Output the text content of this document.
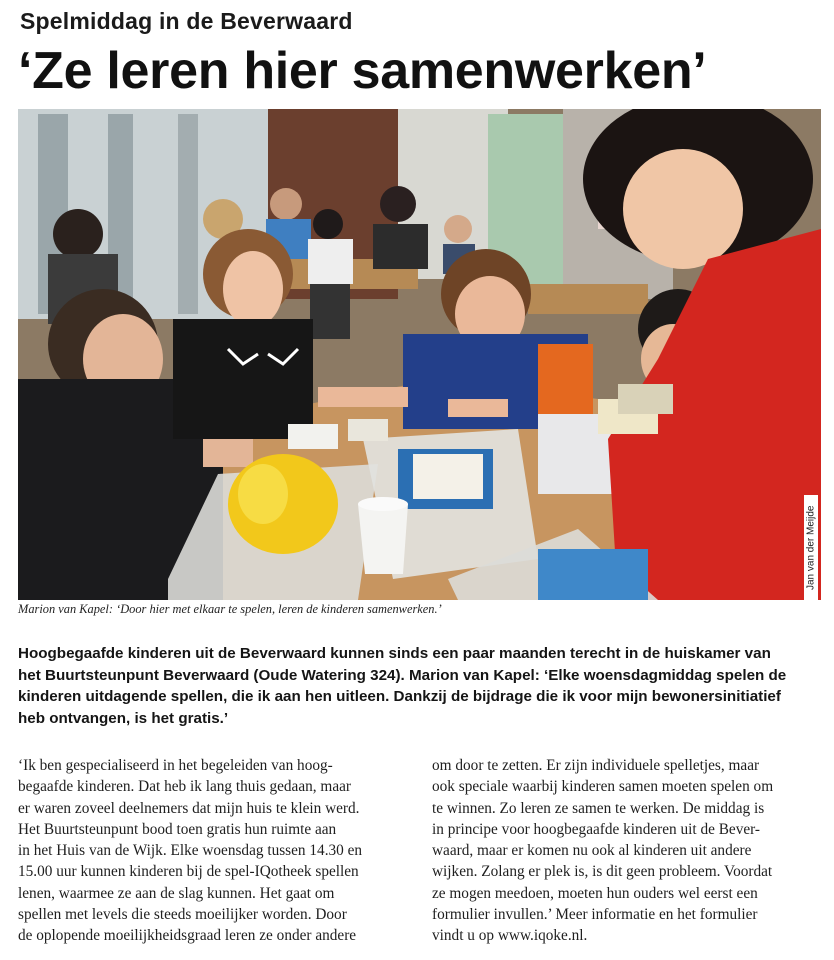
Spelmiddag in de Beverwaard
‘Ze leren hier samenwerken’
Jan van der Meijde
Marion van Kapel: ‘Door hier met elkaar te spelen, leren de kinderen samenwerken.’

Hoogbegaafde kinderen uit de Beverwaard kunnen sinds een paar maanden terecht in de huiskamer van
het Buurtsteunpunt Beverwaard (Oude Watering 324). Marion van Kapel: ‘Elke woensdagmiddag spelen de
kinderen uitdagende spellen, die ik aan hen uitleen. Dankzij de bijdrage die ik voor mijn bewonersinitiatief
heb ontvangen, is het gratis.’

‘Ik ben gespecialiseerd in het begeleiden van hoog-
begaafde kinderen. Dat heb ik lang thuis gedaan, maar
er waren zoveel deelnemers dat mijn huis te klein werd.
Het Buurtsteunpunt bood toen gratis hun ruimte aan
in het Huis van de Wijk. Elke woensdag tussen 14.30 en
15.00 uur kunnen kinderen bij de spel-IQotheek spellen
lenen, waarmee ze aan de slag kunnen. Het gaat om
spellen met levels die steeds moeilijker worden. Door
de oplopende moeilijkheidsgraad leren ze onder andere

om door te zetten. Er zijn individuele spelletjes, maar
ook speciale waarbij kinderen samen moeten spelen om
te winnen. Zo leren ze samen te werken. De middag is
in principe voor hoogbegaafde kinderen uit de Bever-
waard, maar er komen nu ook al kinderen uit andere
wijken. Zolang er plek is, is dit geen probleem. Voordat
ze mogen meedoen, moeten hun ouders wel eerst een
formulier invullen.’ Meer informatie en het formulier
vindt u op www.iqoke.nl.
